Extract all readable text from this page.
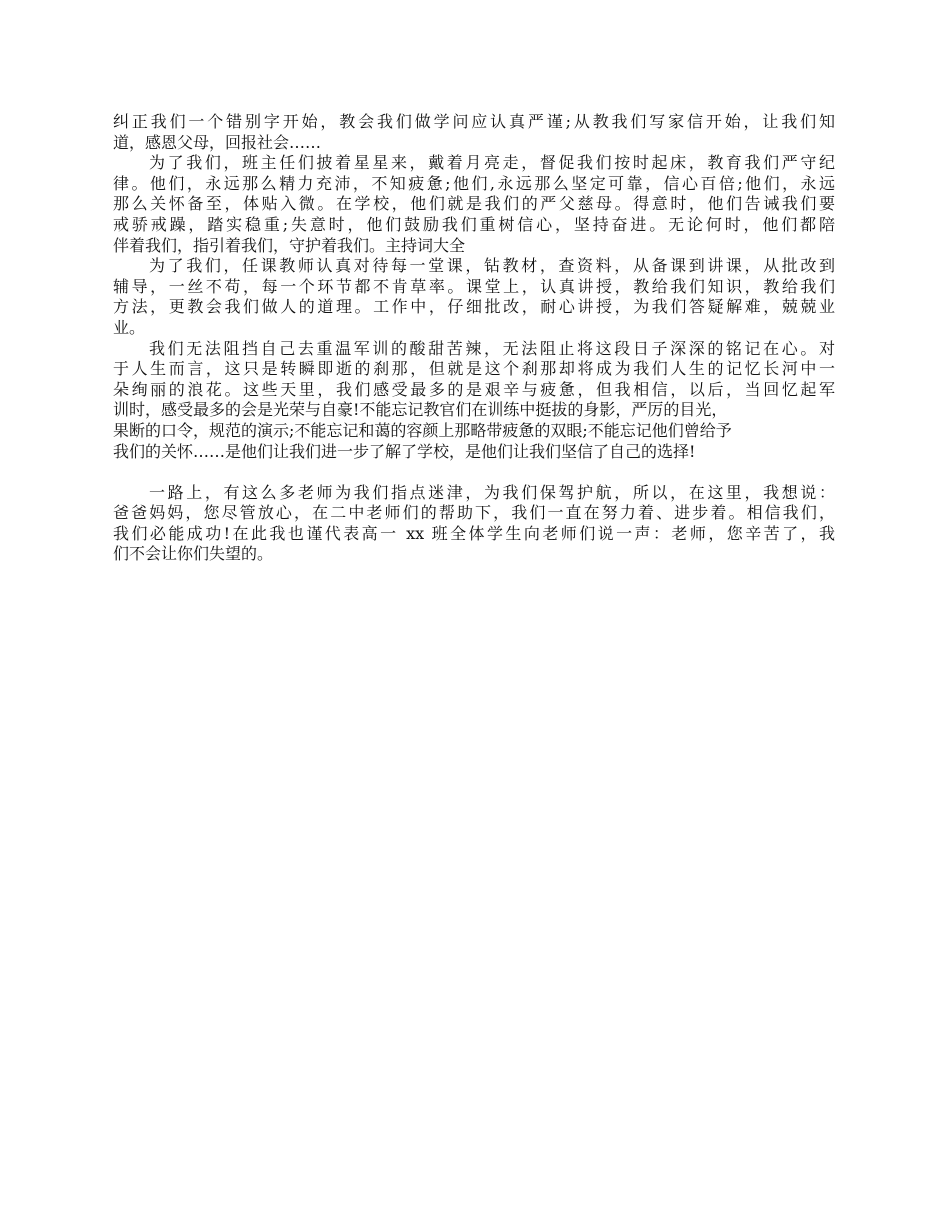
纠正我们一个错别字开始，教会我们做学问应认真严谨;从教我们写家信开始，让我们知
道，感恩父母，回报社会……
为了我们，班主任们披着星星来，戴着月亮走，督促我们按时起床，教育我们严守纪
律。他们，永远那么精力充沛，不知疲惫;他们,永远那么坚定可靠，信心百倍;他们，永远
那么关怀备至，体贴入微。在学校，他们就是我们的严父慈母。得意时，他们告诫我们要
戒骄戒躁，踏实稳重;失意时，他们鼓励我们重树信心，坚持奋进。无论何时，他们都陪
伴着我们，指引着我们，守护着我们。主持词大全
为了我们，任课教师认真对待每一堂课，钻教材，查资料，从备课到讲课，从批改到
辅导，一丝不苟，每一个环节都不肯草率。课堂上，认真讲授，教给我们知识，教给我们
方法，更教会我们做人的道理。工作中，仔细批改，耐心讲授，为我们答疑解难，兢兢业
业。
我们无法阻挡自己去重温军训的酸甜苦辣，无法阻止将这段日子深深的铭记在心。对
于人生而言，这只是转瞬即逝的刹那，但就是这个刹那却将成为我们人生的记忆长河中一
朵绚丽的浪花。这些天里，我们感受最多的是艰辛与疲惫，但我相信，以后，当回忆起军
训时，感受最多的会是光荣与自豪!不能忘记教官们在训练中挺拔的身影，严厉的目光，
果断的口令，规范的演示;不能忘记和蔼的容颜上那略带疲惫的双眼;不能忘记他们曾给予
我们的关怀……是他们让我们进一步了解了学校，是他们让我们坚信了自己的选择!
一路上，有这么多老师为我们指点迷津，为我们保驾护航，所以，在这里，我想说：
爸爸妈妈，您尽管放心，在二中老师们的帮助下，我们一直在努力着、进步着。相信我们，
我们必能成功!在此我也谨代表高一 xx 班全体学生向老师们说一声：老师，您辛苦了，我
们不会让你们失望的。
